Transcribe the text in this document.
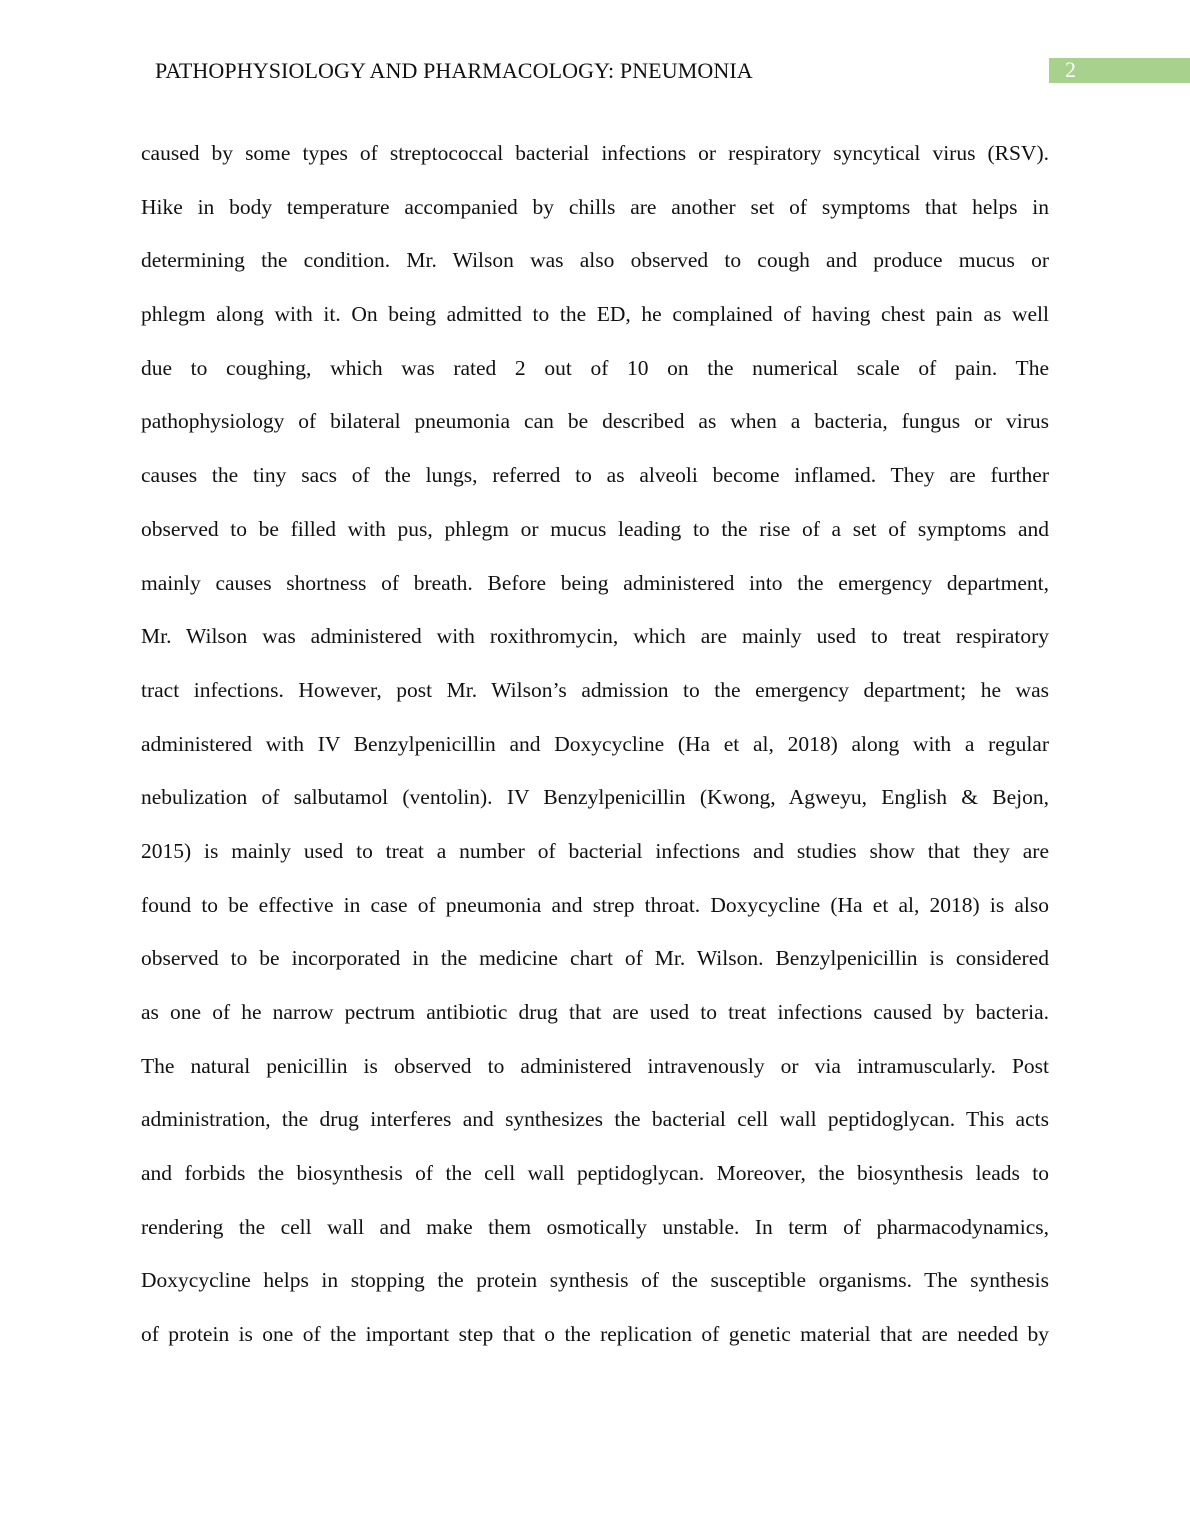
PATHOPHYSIOLOGY AND PHARMACOLOGY: PNEUMONIA	2
caused by some types of streptococcal bacterial infections or respiratory syncytical virus (RSV).
Hike in body temperature accompanied by chills are another set of symptoms that helps in
determining the condition. Mr. Wilson was also observed to cough and produce mucus or
phlegm along with it. On being admitted to the ED, he complained of having chest pain as well
due to coughing, which was rated 2 out of 10 on the numerical scale of pain. The
pathophysiology of bilateral pneumonia can be described as when a bacteria, fungus or virus
causes the tiny sacs of the lungs, referred to as alveoli become inflamed. They are further
observed to be filled with pus, phlegm or mucus leading to the rise of a set of symptoms and
mainly causes shortness of breath. Before being administered into the emergency department,
Mr. Wilson was administered with roxithromycin, which are mainly used to treat respiratory
tract infections. However, post Mr. Wilson’s admission to the emergency department; he was
administered with IV Benzylpenicillin and Doxycycline (Ha et al, 2018) along with a regular
nebulization of salbutamol (ventolin). IV Benzylpenicillin (Kwong, Agweyu, English & Bejon,
2015) is mainly used to treat a number of bacterial infections and studies show that they are
found to be effective in case of pneumonia and strep throat. Doxycycline (Ha et al, 2018) is also
observed to be incorporated in the medicine chart of Mr. Wilson. Benzylpenicillin is considered
as one of he narrow pectrum antibiotic drug that are used to treat infections caused by bacteria.
The natural penicillin is observed to administered intravenously or via intramuscularly. Post
administration, the drug interferes and synthesizes the bacterial cell wall peptidoglycan. This acts
and forbids the biosynthesis of the cell wall peptidoglycan. Moreover, the biosynthesis leads to
rendering the cell wall and make them osmotically unstable. In term of pharmacodynamics,
Doxycycline helps in stopping the protein synthesis of the susceptible organisms. The synthesis
of protein is one of the important step that o the replication of genetic material that are needed by
